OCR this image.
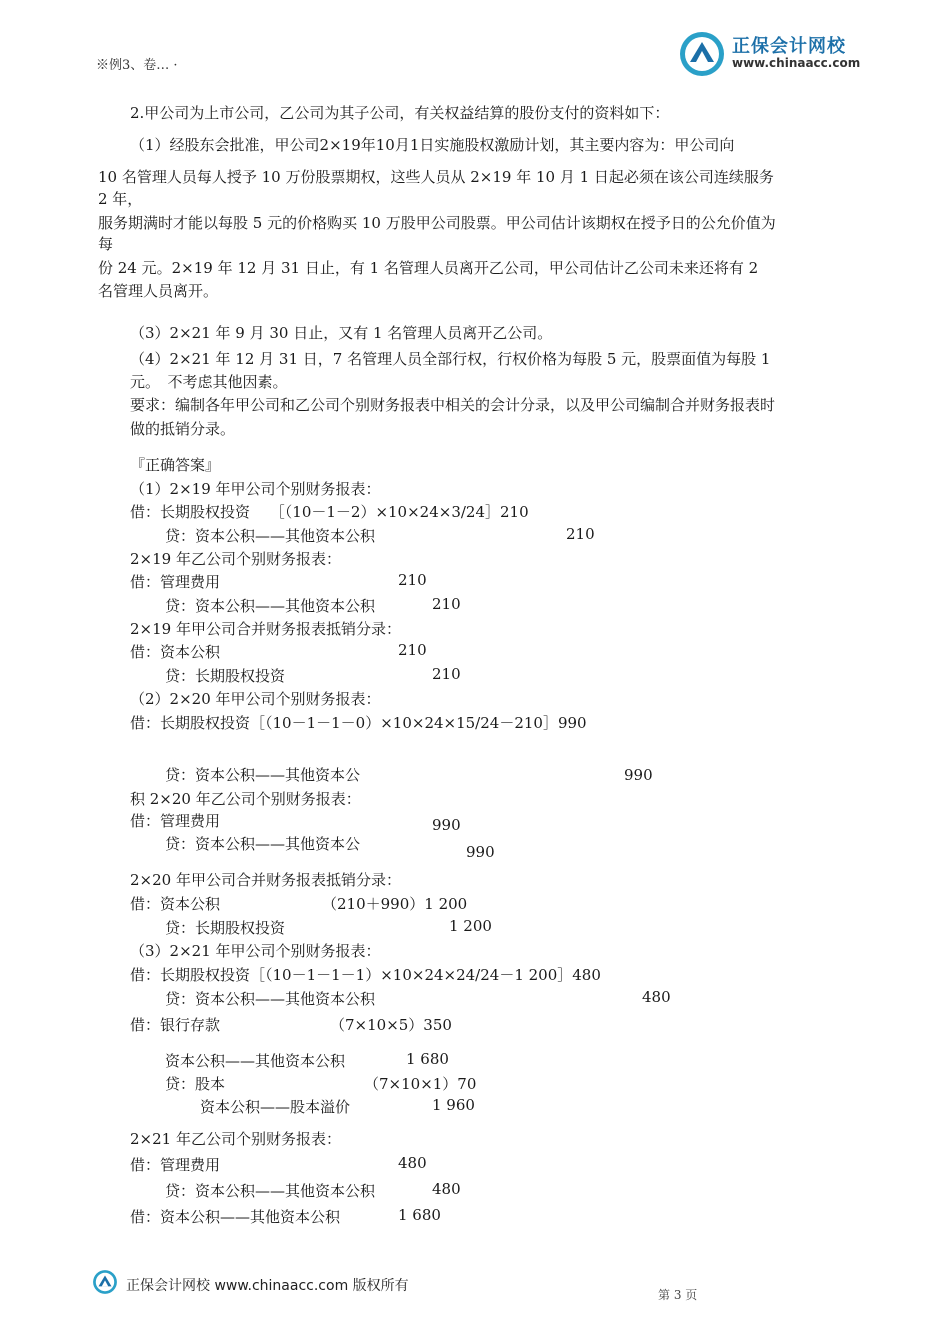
※例3、卷… ·
正保会计网校
www.chinaacc.com
2.甲公司为上市公司，乙公司为其子公司，有关权益结算的股份支付的资料如下：
（1）经股东会批准，甲公司2×19年10月1日实施股权激励计划，其主要内容为：甲公司向
10 名管理人员每人授予 10 万份股票期权，这些人员从 2×19 年 10 月 1 日起必须在该公司连续服务
2 年，
服务期满时才能以每股 5 元的价格购买 10 万股甲公司股票。甲公司估计该期权在授予日的公允价值为
每
份 24 元。2×19 年 12 月 31 日止，有 1 名管理人员离开乙公司，甲公司估计乙公司未来还将有 2
名管理人员离开。
（3）2×21 年 9 月 30 日止，又有 1 名管理人员离开乙公司。
（4）2×21 年 12 月 31 日，7 名管理人员全部行权，行权价格为每股 5 元，股票面值为每股 1
元。　不考虑其他因素。
要求：编制各年甲公司和乙公司个别财务报表中相关的会计分录，以及甲公司编制合并财务报表时
做的抵销分录。
『正确答案』
（1）2×19 年甲公司个别财务报表：
借：长期股权投资　 ［（10－1－2）×10×24×3/24］210
贷：资本公积——其他资本公积	210
2×19 年乙公司个别财务报表：
借：管理费用	210
贷：资本公积——其他资本公积	210
2×19 年甲公司合并财务报表抵销分录：
借：资本公积	210
贷：长期股权投资	210
（2）2×20 年甲公司个别财务报表：
借：长期股权投资［（10－1－1－0）×10×24×15/24－210］990
贷：资本公积——其他资本公	990
积 2×20 年乙公司个别财务报表：
借：管理费用	990
贷：资本公积——其他资本公	990
2×20 年甲公司合并财务报表抵销分录：
借：资本公积	（210＋990）1 200
贷：长期股权投资	1 200
（3）2×21 年甲公司个别财务报表：
借：长期股权投资［（10－1－1－1）×10×24×24/24－1 200］480
贷：资本公积——其他资本公积	480
借：银行存款	（7×10×5）350
资本公积——其他资本公积	1 680
贷：股本	（7×10×1）70
资本公积——股本溢价	1 960
2×21 年乙公司个别财务报表：
借：管理费用	480
贷：资本公积——其他资本公积	480
借：资本公积——其他资本公积	1 680
正保会计网校 www.chinaacc.com 版权所有
第 3 页
